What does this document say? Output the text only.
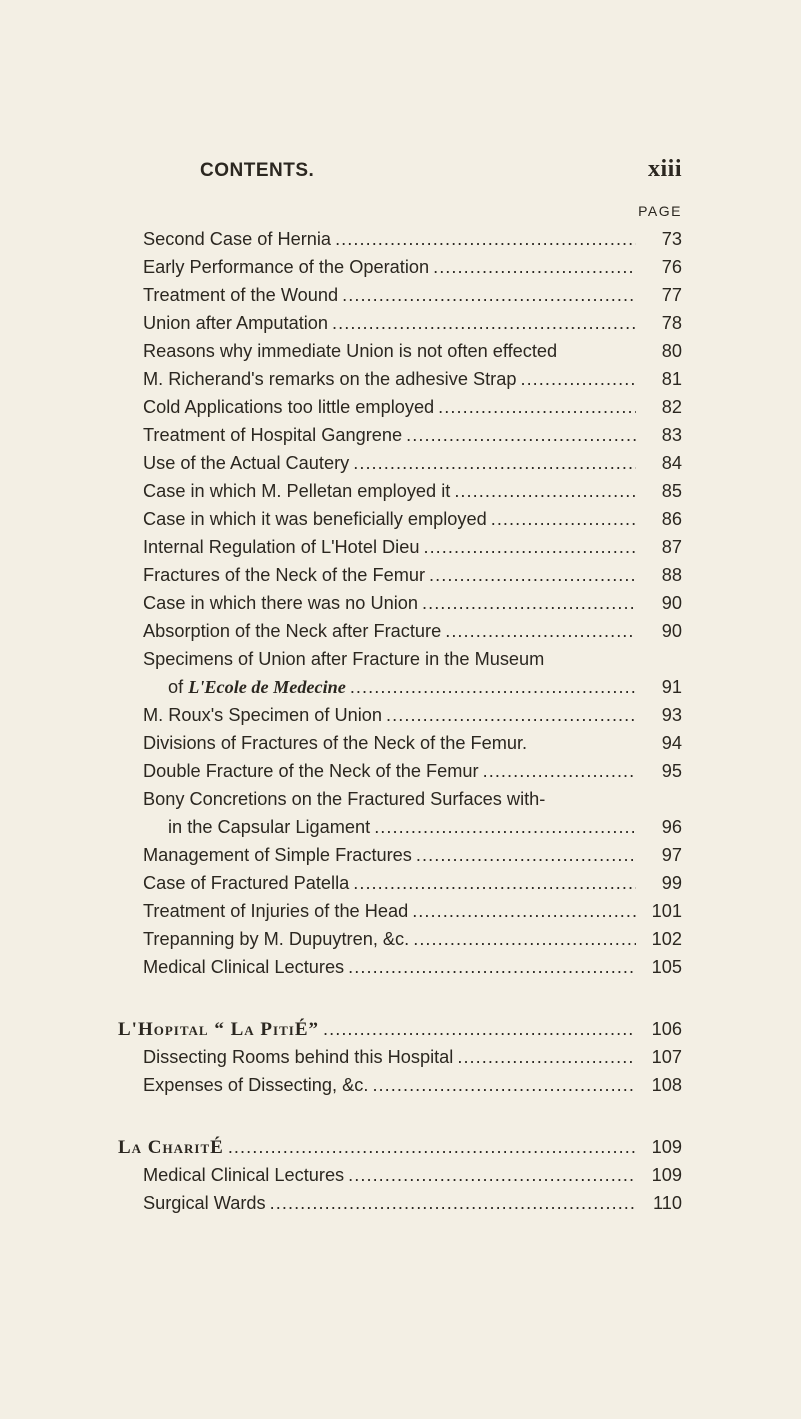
CONTENTS.	xiii
PAGE
Second Case of Hernia . . .	73
Early Performance of the Operation . . .	76
Treatment of the Wound . . .	77
Union after Amputation . . .	78
Reasons why immediate Union is not often effected	80
M. Richerand's remarks on the adhesive Strap . . .	81
Cold Applications too little employed . . .	82
Treatment of Hospital Gangrene . . .	83
Use of the Actual Cautery . . .	84
Case in which M. Pelletan employed it . . .	85
Case in which it was beneficially employed . . .	86
Internal Regulation of L'Hotel Dieu . . .	87
Fractures of the Neck of the Femur . . .	88
Case in which there was no Union . . .	90
Absorption of the Neck after Fracture . . .	90
Specimens of Union after Fracture in the Museum
of L'Ecole de Medecine . . .	91
M. Roux's Specimen of Union . . .	93
Divisions of Fractures of the Neck of the Femur.	94
Double Fracture of the Neck of the Femur . . .	95
Bony Concretions on the Fractured Surfaces with-
in the Capsular Ligament . . .	96
Management of Simple Fractures . . .	97
Case of Fractured Patella . . .	99
Treatment of Injuries of the Head . . .	101
Trepanning by M. Dupuytren, &c. . . .	102
Medical Clinical Lectures . . .	105
L'Hopital “ La PitiÉ” . . .	106
Dissecting Rooms behind this Hospital . . .	107
Expenses of Dissecting, &c. . . .	108
La CharitÉ . . .	109
Medical Clinical Lectures . . .	109
Surgical Wards . . .	110
